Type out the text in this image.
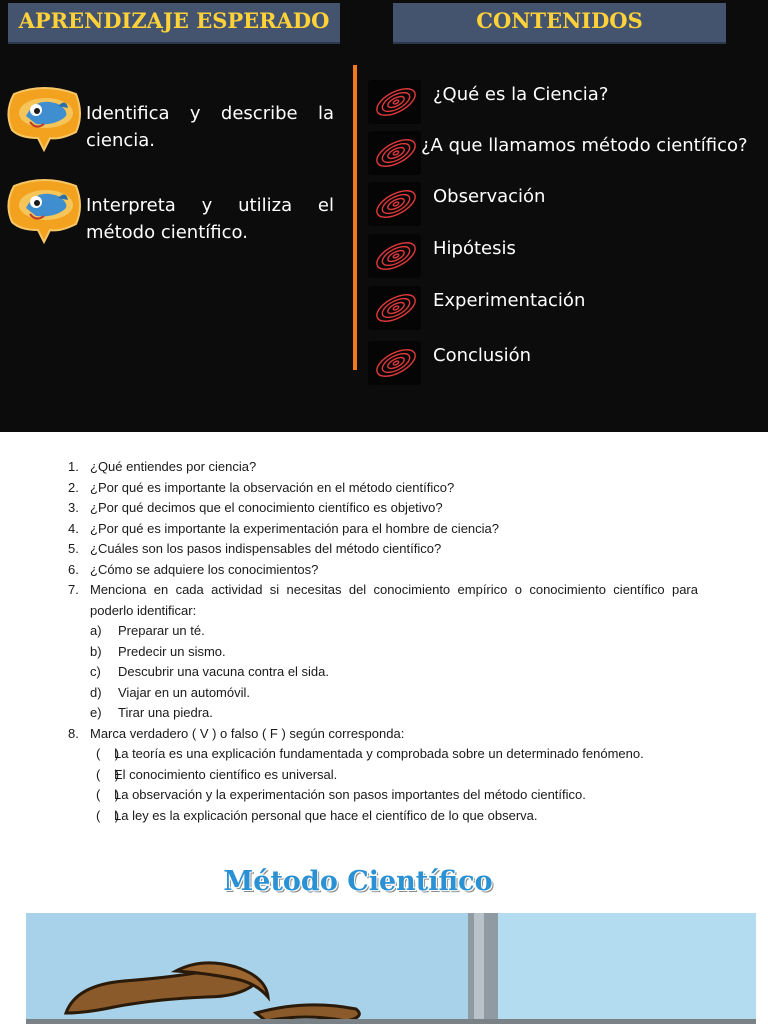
APRENDIZAJE ESPERADO	CONTENIDOS
Identifica y describe la ciencia.
Interpreta y utiliza el método científico.
¿Qué es la Ciencia?
¿A que llamamos método científico?
Observación
Hipótesis
Experimentación
Conclusión
1. ¿Qué entiendes por ciencia?
2. ¿Por qué es importante la observación en el método científico?
3. ¿Por qué decimos que el conocimiento científico es objetivo?
4. ¿Por qué es importante la experimentación para el hombre de ciencia?
5. ¿Cuáles son los pasos indispensables del método científico?
6. ¿Cómo se adquiere los conocimientos?
7. Menciona en cada actividad si necesitas del conocimiento empírico o conocimiento científico para poderlo identificar:
a) Preparar un té.
b) Predecir un sismo.
c) Descubrir una vacuna contra el sida.
d) Viajar en un automóvil.
e) Tirar una piedra.
8. Marca verdadero ( V ) o falso ( F ) según corresponda:
(    )
La teoría es una explicación fundamentada y comprobada sobre un determinado fenómeno.
(    )
El conocimiento científico es universal.
(    )
La observación y la experimentación son pasos importantes del método científico.
(    )
La ley es la explicación personal que hace el científico de lo que observa.
Método Científico
